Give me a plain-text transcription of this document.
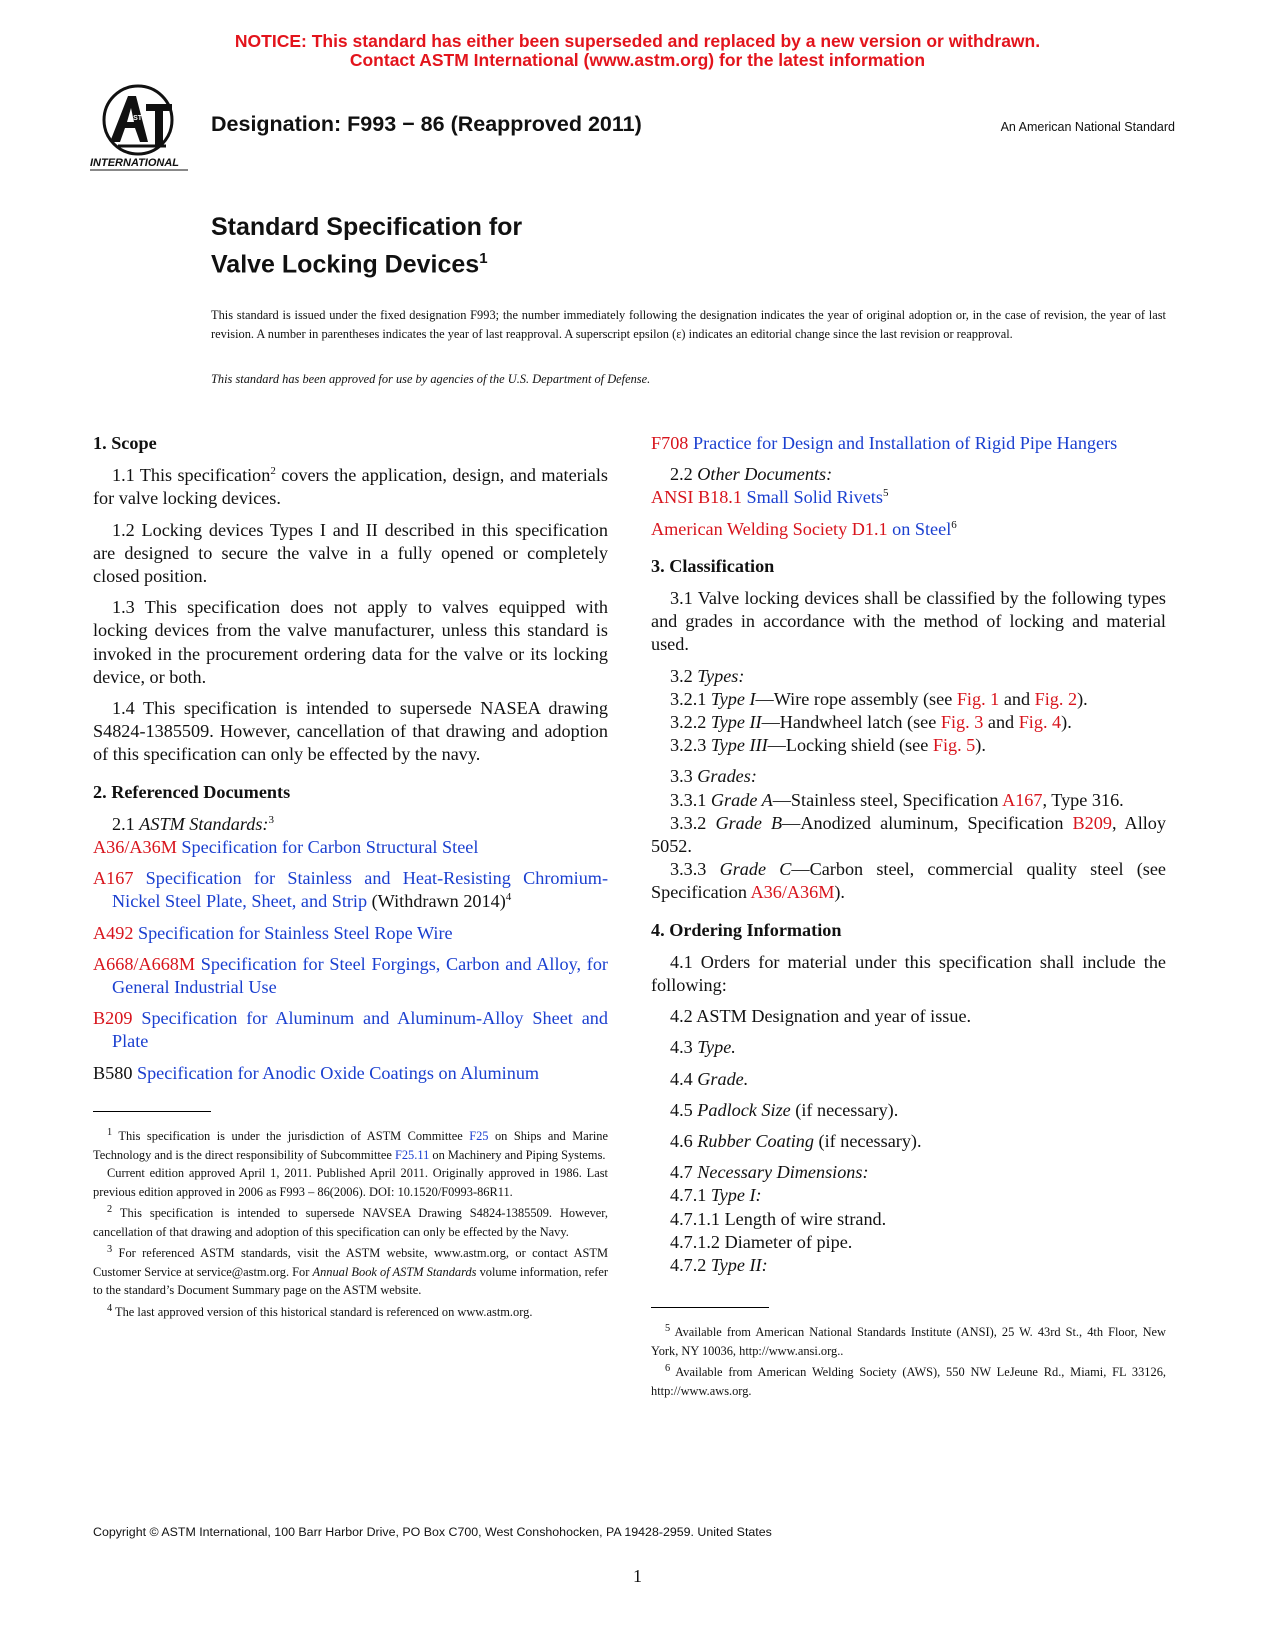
NOTICE: This standard has either been superseded and replaced by a new version or withdrawn.
Contact ASTM International (www.astm.org) for the latest information
ASTM
INTERNATIONAL
Designation: F993 − 86 (Reapproved 2011)	An American National Standard
Standard Specification for
Valve Locking Devices$^1$
This standard is issued under the fixed designation F993; the number immediately following the designation indicates the year of original adoption or, in the case of revision, the year of last revision. A number in parentheses indicates the year of last reapproval. A superscript epsilon (ε) indicates an editorial change since the last revision or reapproval.
This standard has been approved for use by agencies of the U.S. Department of Defense.
1. Scope

1.1 This specification$^2$ covers the application, design, and materials for valve locking devices.

1.2 Locking devices Types I and II described in this specification are designed to secure the valve in a fully opened or completely closed position.

1.3 This specification does not apply to valves equipped with locking devices from the valve manufacturer, unless this standard is invoked in the procurement ordering data for the valve or its locking device, or both.

1.4 This specification is intended to supersede NASEA drawing S4824-1385509. However, cancellation of that drawing and adoption of this specification can only be effected by the navy.

2. Referenced Documents

2.1 ASTM Standards:$^3$

A36/A36M Specification for Carbon Structural Steel

A167 Specification for Stainless and Heat-Resisting Chromium-Nickel Steel Plate, Sheet, and Strip (Withdrawn 2014)$^4$

A492 Specification for Stainless Steel Rope Wire

A668/A668M Specification for Steel Forgings, Carbon and Alloy, for General Industrial Use

B209 Specification for Aluminum and Aluminum-Alloy Sheet and Plate

B580 Specification for Anodic Oxide Coatings on Aluminum

F708 Practice for Design and Installation of Rigid Pipe Hangers

2.2 Other Documents:

ANSI B18.1 Small Solid Rivets$^5$

American Welding Society D1.1 on Steel$^6$

3. Classification

3.1 Valve locking devices shall be classified by the following types and grades in accordance with the method of locking and material used.

3.2 Types:

3.2.1 Type I—Wire rope assembly (see Fig. 1 and Fig. 2).

3.2.2 Type II—Handwheel latch (see Fig. 3 and Fig. 4).

3.2.3 Type III—Locking shield (see Fig. 5).

3.3 Grades:

3.3.1 Grade A—Stainless steel, Specification A167, Type 316.

3.3.2 Grade B—Anodized aluminum, Specification B209, Alloy 5052.

3.3.3 Grade C—Carbon steel, commercial quality steel (see Specification A36/A36M).

4. Ordering Information

4.1 Orders for material under this specification shall include the following:

4.2 ASTM Designation and year of issue.

4.3 Type.

4.4 Grade.

4.5 Padlock Size (if necessary).

4.6 Rubber Coating (if necessary).

4.7 Necessary Dimensions:

4.7.1 Type I:

4.7.1.1 Length of wire strand.

4.7.1.2 Diameter of pipe.

4.7.2 Type II:

$^1$ This specification is under the jurisdiction of ASTM Committee F25 on Ships and Marine Technology and is the direct responsibility of Subcommittee F25.11 on Machinery and Piping Systems.

Current edition approved April 1, 2011. Published April 2011. Originally approved in 1986. Last previous edition approved in 2006 as F993 – 86(2006). DOI: 10.1520/F0993-86R11.

$^2$ This specification is intended to supersede NAVSEA Drawing S4824-1385509. However, cancellation of that drawing and adoption of this specification can only be effected by the Navy.

$^3$ For referenced ASTM standards, visit the ASTM website, www.astm.org, or contact ASTM Customer Service at service@astm.org. For Annual Book of ASTM Standards volume information, refer to the standard’s Document Summary page on the ASTM website.

$^4$ The last approved version of this historical standard is referenced on www.astm.org.

$^5$ Available from American National Standards Institute (ANSI), 25 W. 43rd St., 4th Floor, New York, NY 10036, http://www.ansi.org..

$^6$ Available from American Welding Society (AWS), 550 NW LeJeune Rd., Miami, FL 33126, http://www.aws.org.

Copyright © ASTM International, 100 Barr Harbor Drive, PO Box C700, West Conshohocken, PA 19428-2959. United States
1
